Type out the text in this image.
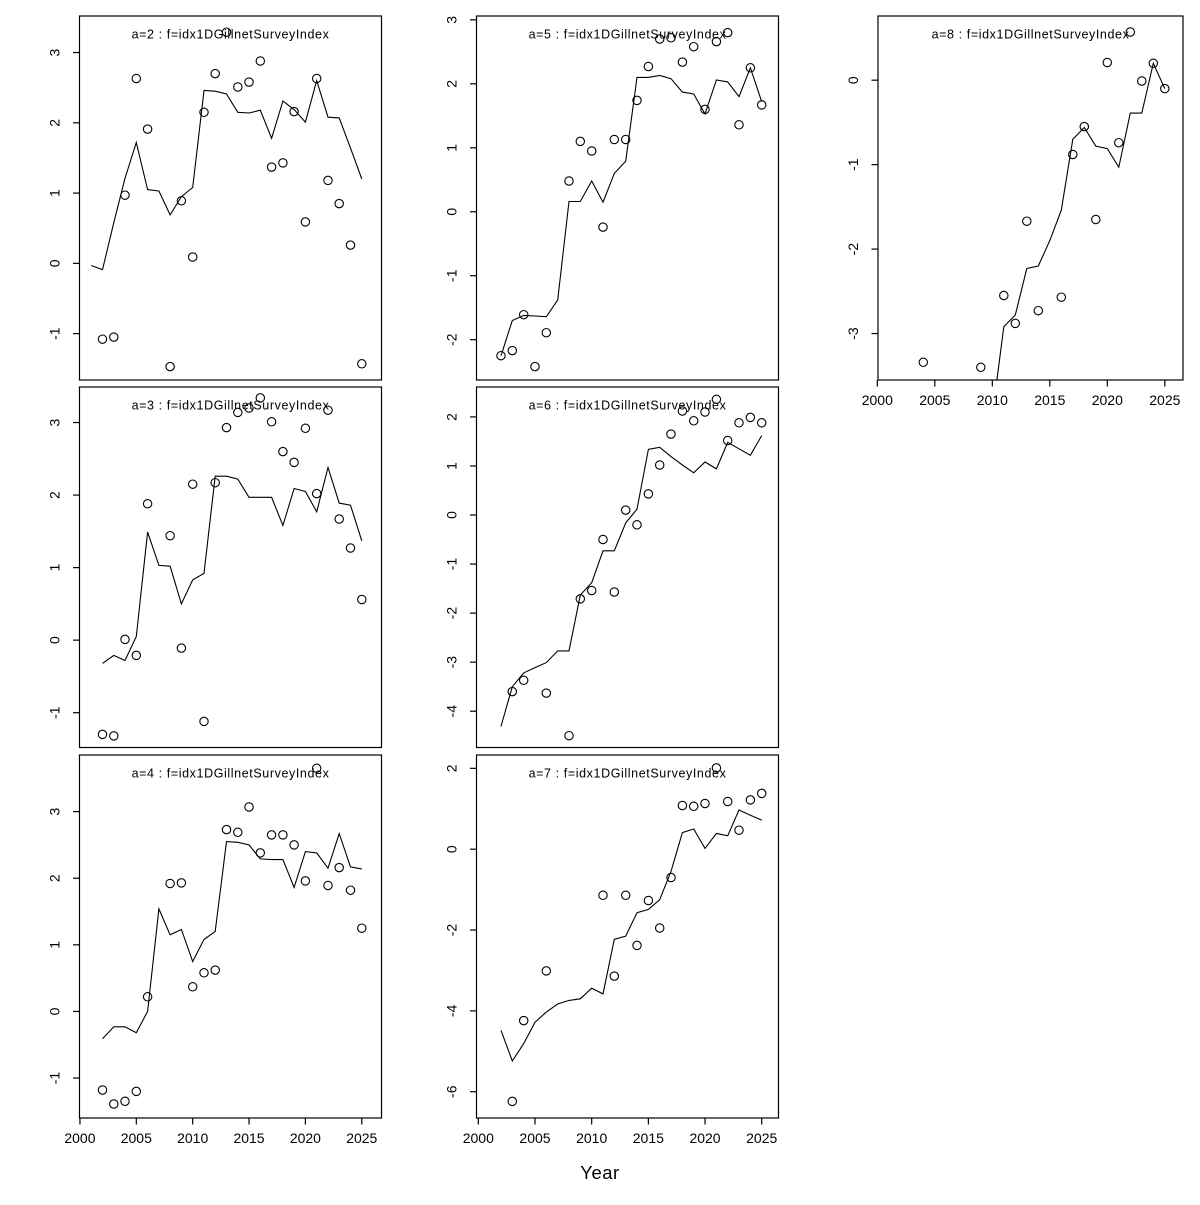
-1
0
1
2
3
a=2 : f=idx1DGillnetSurveyIndex
-1
0
1
2
3
a=3 : f=idx1DGillnetSurveyIndex
-1
0
1
2
3
2000 2005 2010 2015 2020 2025
a=4 : f=idx1DGillnetSurveyIndex
-2
-1
0
1
2
3
a=5 : f=idx1DGillnetSurveyIndex
-4
-3
-2
-1
0
1
2
a=6 : f=idx1DGillnetSurveyIndex
-6
-4
-2
0
2
2000 2005 2010 2015 2020 2025
a=7 : f=idx1DGillnetSurveyIndex
-3
-2
-1
0
2000 2005 2010 2015 2020 2025
a=8 : f=idx1DGillnetSurveyIndex
Year
